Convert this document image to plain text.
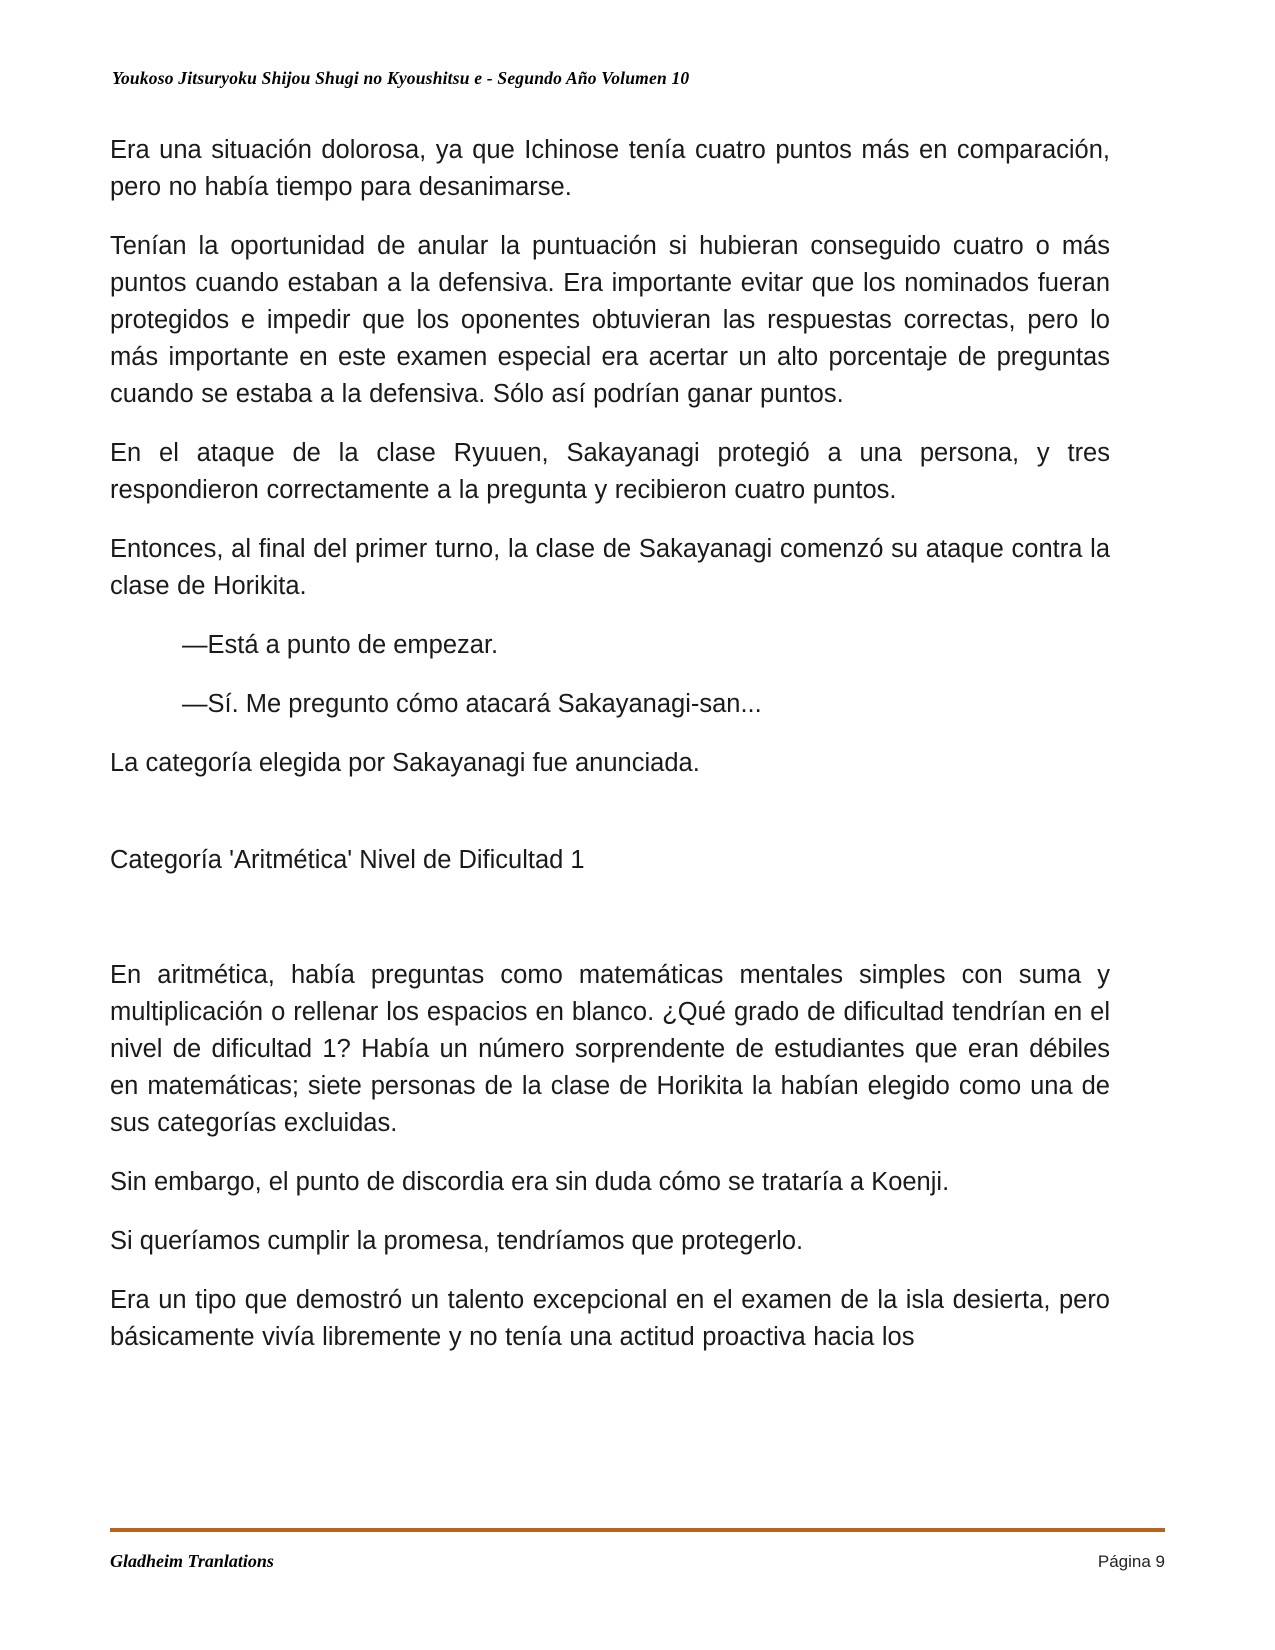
Youkoso Jitsuryoku Shijou Shugi no Kyoushitsu e - Segundo Año Volumen 10

Era una situación dolorosa, ya que Ichinose tenía cuatro puntos más en comparación, pero no había tiempo para desanimarse.

Tenían la oportunidad de anular la puntuación si hubieran conseguido cuatro o más puntos cuando estaban a la defensiva. Era importante evitar que los nominados fueran protegidos e impedir que los oponentes obtuvieran las respuestas correctas, pero lo más importante en este examen especial era acertar un alto porcentaje de preguntas cuando se estaba a la defensiva. Sólo así podrían ganar puntos.

En el ataque de la clase Ryuuen, Sakayanagi protegió a una persona, y tres respondieron correctamente a la pregunta y recibieron cuatro puntos.

Entonces, al final del primer turno, la clase de Sakayanagi comenzó su ataque contra la clase de Horikita.

—Está a punto de empezar.

—Sí. Me pregunto cómo atacará Sakayanagi-san...

La categoría elegida por Sakayanagi fue anunciada.

Categoría 'Aritmética' Nivel de Dificultad 1

En aritmética, había preguntas como matemáticas mentales simples con suma y multiplicación o rellenar los espacios en blanco. ¿Qué grado de dificultad tendrían en el nivel de dificultad 1? Había un número sorprendente de estudiantes que eran débiles en matemáticas; siete personas de la clase de Horikita la habían elegido como una de sus categorías excluidas.

Sin embargo, el punto de discordia era sin duda cómo se trataría a Koenji.

Si queríamos cumplir la promesa, tendríamos que protegerlo.

Era un tipo que demostró un talento excepcional en el examen de la isla desierta, pero básicamente vivía libremente y no tenía una actitud proactiva hacia los

Gladheim Tranlations	Página 9
